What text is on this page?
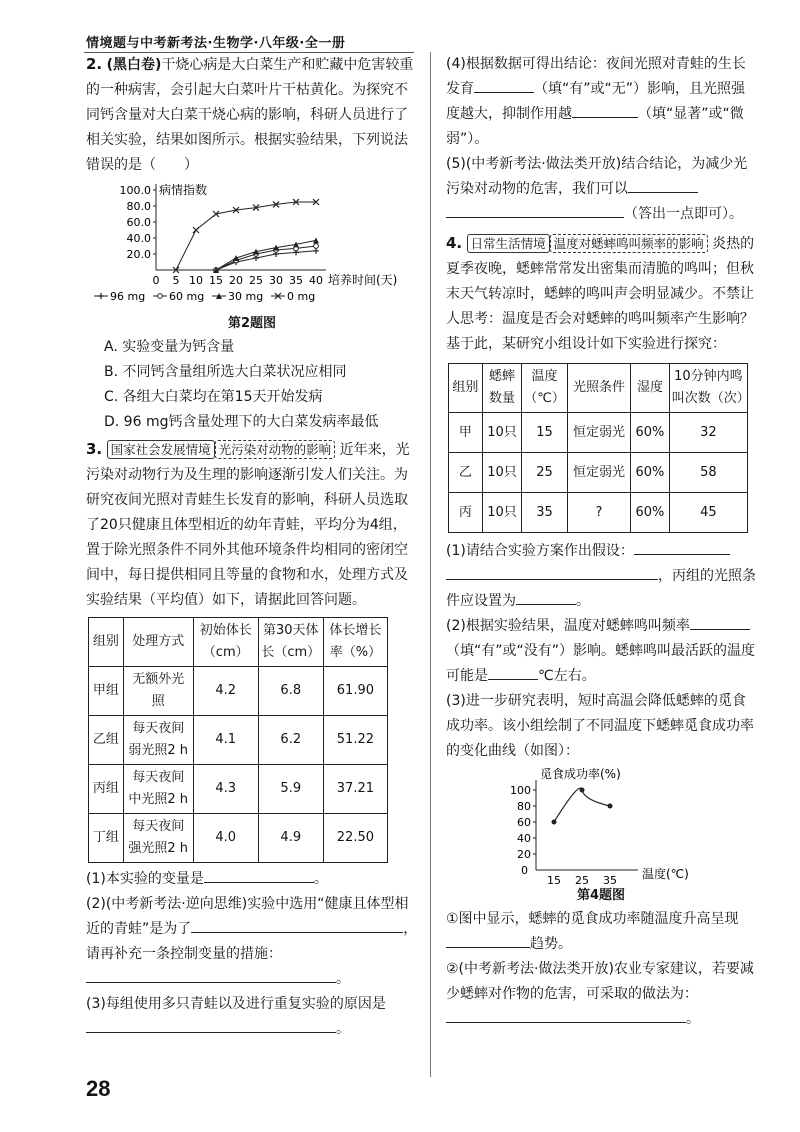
情境题与中考新考法·生物学·八年级·全一册

2. (黑白卷)干烧心病是大白菜生产和贮藏中危害较重的一种病害，会引起大白菜叶片干枯黄化。为探究不同钙含量对大白菜干烧心病的影响，科研人员进行了相关实验，结果如图所示。根据实验结果，下列说法错误的是（　　）

病情指数
培养时间(天)
20.0
40.0
60.0
80.0
100.0
0 5 10 15 20 25 30 35 40
96 mg 60 mg 30 mg 0 mg
第2题图

A. 实验变量为钙含量

B. 不同钙含量组所选大白菜状况应相同

C. 各组大白菜均在第15天开始发病

D. 96 mg钙含量处理下的大白菜发病率最低

3. 国家社会发展情境 光污染对动物的影响 近年来，光污染对动物行为及生理的影响逐渐引发人们关注。为研究夜间光照对青蛙生长发育的影响，科研人员选取了20只健康且体型相近的幼年青蛙，平均分为4组，置于除光照条件不同外其他环境条件均相同的密闭空间中，每日提供相同且等量的食物和水，处理方式及实验结果（平均值）如下，请据此回答问题。

组别	处理方式	初始体长（cm）	第30天体长（cm）	体长增长率（%）
甲组	无额外光照	4.2	6.8	61.90
乙组	每天夜间弱光照2 h	4.1	6.2	51.22
丙组	每天夜间中光照2 h	4.3	5.9	37.21
丁组	每天夜间强光照2 h	4.0	4.9	22.50

(1)本实验的变量是	。

(2)(中考新考法·逆向思维)实验中选用“健康且体型相近的青蛙”是为了	，请再补充一条控制变量的措施：。

(3)每组使用多只青蛙以及进行重复实验的原因是。

(4)根据数据可得出结论：夜间光照对青蛙的生长发育	（填“有”或“无”）影响，且光照强度越大，抑制作用越	（填“显著”或“微弱”）。

(5)(中考新考法·做法类开放)结合结论，为减少光污染对动物的危害，我们可以（答出一点即可）。

4. 日常生活情境 温度对蟋蟀鸣叫频率的影响 炎热的夏季夜晚，蟋蟀常常发出密集而清脆的鸣叫；但秋末天气转凉时，蟋蟀的鸣叫声会明显减少。不禁让人思考：温度是否会对蟋蟀的鸣叫频率产生影响？基于此，某研究小组设计如下实验进行探究：

组别	蟋蟀数量	温度（℃）	光照条件	湿度	10分钟内鸣叫次数（次）
甲	10只	15	恒定弱光	60%	32
乙	10只	25	恒定弱光	60%	58
丙	10只	35	?	60%	45

(1)请结合实验方案作出假设：，丙组的光照条件应设置为	。

(2)根据实验结果，温度对蟋蟀鸣叫频率（填“有”或“没有”）影响。蟋蟀鸣叫最活跃的温度可能是	℃左右。

(3)进一步研究表明，短时高温会降低蟋蟀的觅食成功率。该小组绘制了不同温度下蟋蟀觅食成功率的变化曲线（如图）：

觅食成功率(%)
温度(℃)
0
20
40
60
80
100
15 25 35
第4题图

①图中显示，蟋蟀的觅食成功率随温度升高呈现趋势。

②(中考新考法·做法类开放)农业专家建议，若要减少蟋蟀对作物的危害，可采取的做法为：。

28
